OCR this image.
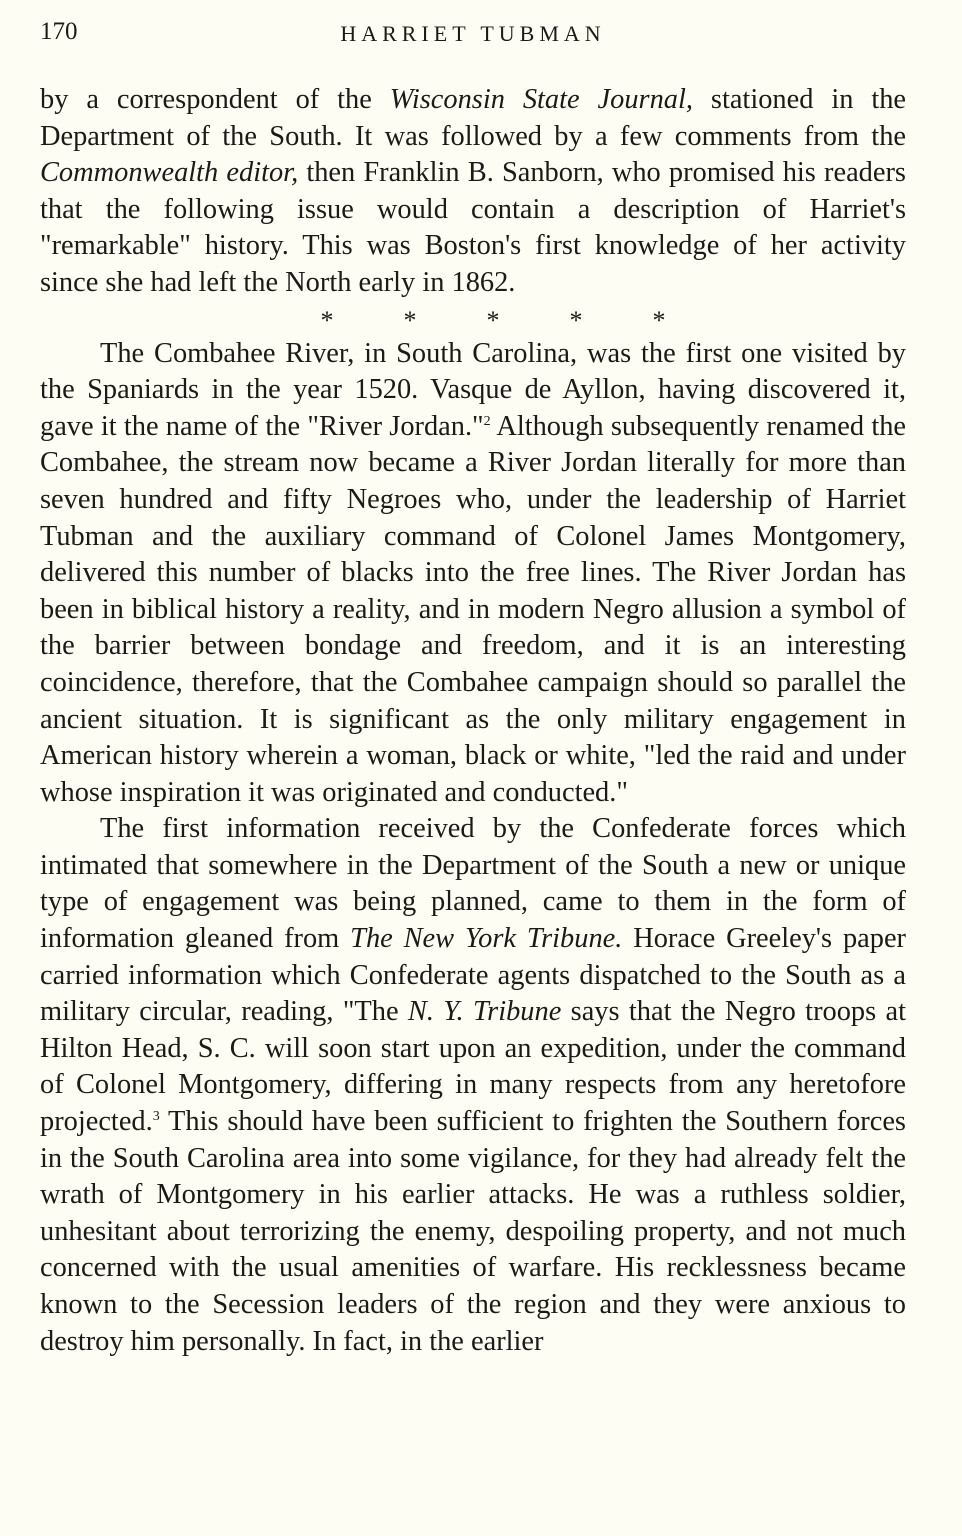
170	HARRIET TUBMAN

by a correspondent of the Wisconsin State Journal, stationed in the Department of the South. It was followed by a few comments from the Commonwealth editor, then Franklin B. Sanborn, who promised his readers that the following issue would contain a description of Harriet's "remarkable" history. This was Boston's first knowledge of her activity since she had left the North early in 1862.

*	*	*	*	*

The Combahee River, in South Carolina, was the first one visited by the Spaniards in the year 1520. Vasque de Ayllon, having discovered it, gave it the name of the "River Jordan."$^2$ Although subsequently renamed the Combahee, the stream now became a River Jordan literally for more than seven hundred and fifty Negroes who, under the leadership of Harriet Tubman and the auxiliary command of Colonel James Montgomery, delivered this number of blacks into the free lines. The River Jordan has been in biblical history a reality, and in modern Negro allusion a symbol of the barrier between bondage and freedom, and it is an interesting coincidence, therefore, that the Combahee campaign should so parallel the ancient situation. It is significant as the only military engagement in American history wherein a woman, black or white, "led the raid and under whose inspiration it was originated and conducted."

The first information received by the Confederate forces which intimated that somewhere in the Department of the South a new or unique type of engagement was being planned, came to them in the form of information gleaned from The New York Tribune. Horace Greeley's paper carried information which Confederate agents dispatched to the South as a military circular, reading, "The N. Y. Tribune says that the Negro troops at Hilton Head, S. C. will soon start upon an expedition, under the command of Colonel Montgomery, differing in many respects from any heretofore projected.$^3$ This should have been sufficient to frighten the Southern forces in the South Carolina area into some vigilance, for they had already felt the wrath of Montgomery in his earlier attacks. He was a ruthless soldier, unhesitant about terrorizing the enemy, despoiling property, and not much concerned with the usual amenities of warfare. His recklessness became known to the Secession leaders of the region and they were anxious to destroy him personally. In fact, in the earlier
